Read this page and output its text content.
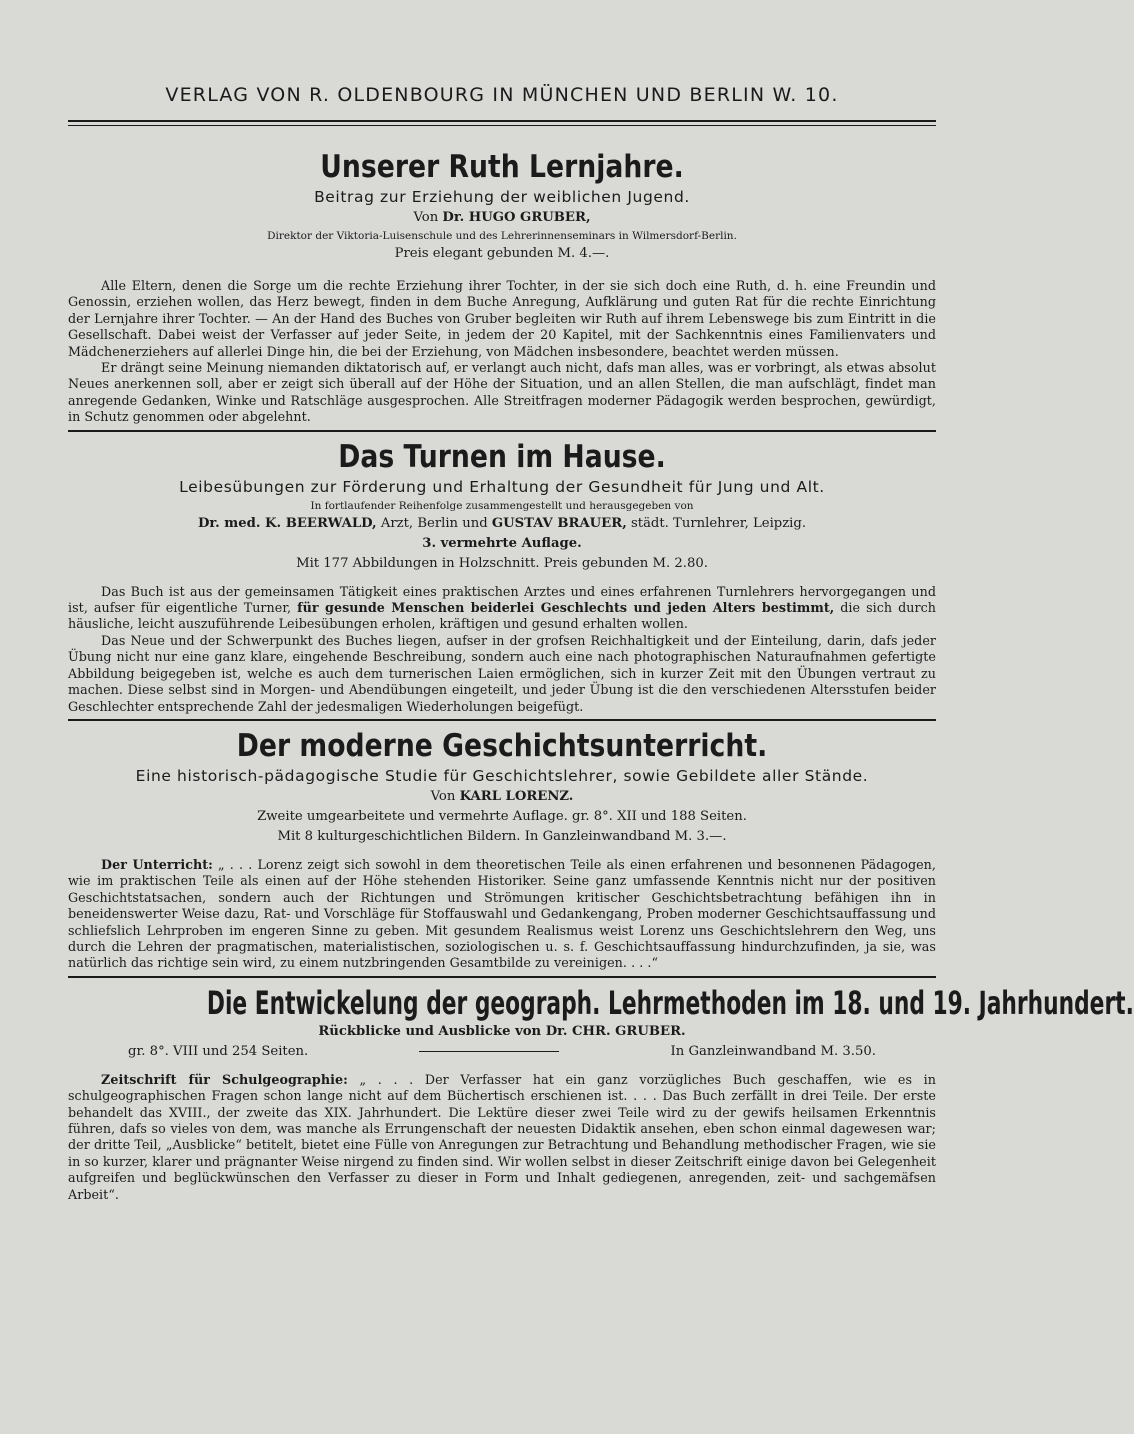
VERLAG VON R. OLDENBOURG IN MÜNCHEN UND BERLIN W. 10.
Unserer Ruth Lernjahre.
Beitrag zur Erziehung der weiblichen Jugend.
Von Dr. HUGO GRUBER,
Direktor der Viktoria-Luisenschule und des Lehrerinnenseminars in Wilmersdorf-Berlin.
Preis elegant gebunden M. 4.—.

Alle Eltern, denen die Sorge um die rechte Erziehung ihrer Tochter, in der sie sich doch eine Ruth, d. h. eine Freundin und Genossin, erziehen wollen, das Herz bewegt, finden in dem Buche Anregung, Aufklärung und guten Rat für die rechte Einrichtung der Lernjahre ihrer Tochter. — An der Hand des Buches von Gruber begleiten wir Ruth auf ihrem Lebenswege bis zum Eintritt in die Gesellschaft. Dabei weist der Verfasser auf jeder Seite, in jedem der 20 Kapitel, mit der Sachkenntnis eines Familienvaters und Mädchenerziehers auf allerlei Dinge hin, die bei der Erziehung, von Mädchen insbesondere, beachtet werden müssen.

Er drängt seine Meinung niemanden diktatorisch auf, er verlangt auch nicht, dafs man alles, was er vorbringt, als etwas absolut Neues anerkennen soll, aber er zeigt sich überall auf der Höhe der Situation, und an allen Stellen, die man aufschlägt, findet man anregende Gedanken, Winke und Ratschläge ausgesprochen. Alle Streitfragen moderner Pädagogik werden besprochen, gewürdigt, in Schutz genommen oder abgelehnt.

Das Turnen im Hause.
Leibesübungen zur Förderung und Erhaltung der Gesundheit für Jung und Alt.
In fortlaufender Reihenfolge zusammengestellt und herausgegeben von
Dr. med. K. BEERWALD, Arzt, Berlin und GUSTAV BRAUER, städt. Turnlehrer, Leipzig.
3. vermehrte Auflage.
Mit 177 Abbildungen in Holzschnitt. Preis gebunden M. 2.80.

Das Buch ist aus der gemeinsamen Tätigkeit eines praktischen Arztes und eines erfahrenen Turnlehrers hervorgegangen und ist, aufser für eigentliche Turner, für gesunde Menschen beiderlei Geschlechts und jeden Alters bestimmt, die sich durch häusliche, leicht auszuführende Leibesübungen erholen, kräftigen und gesund erhalten wollen.

Das Neue und der Schwerpunkt des Buches liegen, aufser in der grofsen Reichhaltigkeit und der Einteilung, darin, dafs jeder Übung nicht nur eine ganz klare, eingehende Beschreibung, sondern auch eine nach photographischen Naturaufnahmen gefertigte Abbildung beigegeben ist, welche es auch dem turnerischen Laien ermöglichen, sich in kurzer Zeit mit den Übungen vertraut zu machen. Diese selbst sind in Morgen- und Abendübungen eingeteilt, und jeder Übung ist die den verschiedenen Altersstufen beider Geschlechter entsprechende Zahl der jedesmaligen Wiederholungen beigefügt.

Der moderne Geschichtsunterricht.
Eine historisch-pädagogische Studie für Geschichtslehrer, sowie Gebildete aller Stände.
Von KARL LORENZ.
Zweite umgearbeitete und vermehrte Auflage. gr. 8°. XII und 188 Seiten.
Mit 8 kulturgeschichtlichen Bildern. In Ganzleinwandband M. 3.—.

Der Unterricht: „ . . . Lorenz zeigt sich sowohl in dem theoretischen Teile als einen erfahrenen und besonnenen Pädagogen, wie im praktischen Teile als einen auf der Höhe stehenden Historiker. Seine ganz umfassende Kenntnis nicht nur der positiven Geschichtstatsachen, sondern auch der Richtungen und Strömungen kritischer Geschichtsbetrachtung befähigen ihn in beneidenswerter Weise dazu, Rat- und Vorschläge für Stoffauswahl und Gedankengang, Proben moderner Geschichtsauffassung und schliefslich Lehrproben im engeren Sinne zu geben. Mit gesundem Realismus weist Lorenz uns Geschichtslehrern den Weg, uns durch die Lehren der pragmatischen, materialistischen, soziologischen u. s. f. Geschichtsauffassung hindurchzufinden, ja sie, was natürlich das richtige sein wird, zu einem nutzbringenden Gesamtbilde zu vereinigen. . . .“

Die Entwickelung der geograph. Lehrmethoden im 18. und 19. Jahrhundert.
Rückblicke und Ausblicke von Dr. CHR. GRUBER.
gr. 8°. VIII und 254 Seiten.	In Ganzleinwandband M. 3.50.

Zeitschrift für Schulgeographie: „ . . . Der Verfasser hat ein ganz vorzügliches Buch geschaffen, wie es in schulgeographischen Fragen schon lange nicht auf dem Büchertisch erschienen ist. . . . Das Buch zerfällt in drei Teile. Der erste behandelt das XVIII., der zweite das XIX. Jahrhundert. Die Lektüre dieser zwei Teile wird zu der gewifs heilsamen Erkenntnis führen, dafs so vieles von dem, was manche als Errungenschaft der neuesten Didaktik ansehen, eben schon einmal dagewesen war; der dritte Teil, „Ausblicke“ betitelt, bietet eine Fülle von Anregungen zur Betrachtung und Behandlung methodischer Fragen, wie sie in so kurzer, klarer und prägnanter Weise nirgend zu finden sind. Wir wollen selbst in dieser Zeitschrift einige davon bei Gelegenheit aufgreifen und beglückwünschen den Verfasser zu dieser in Form und Inhalt gediegenen, anregenden, zeit- und sachgemäfsen Arbeit“.
